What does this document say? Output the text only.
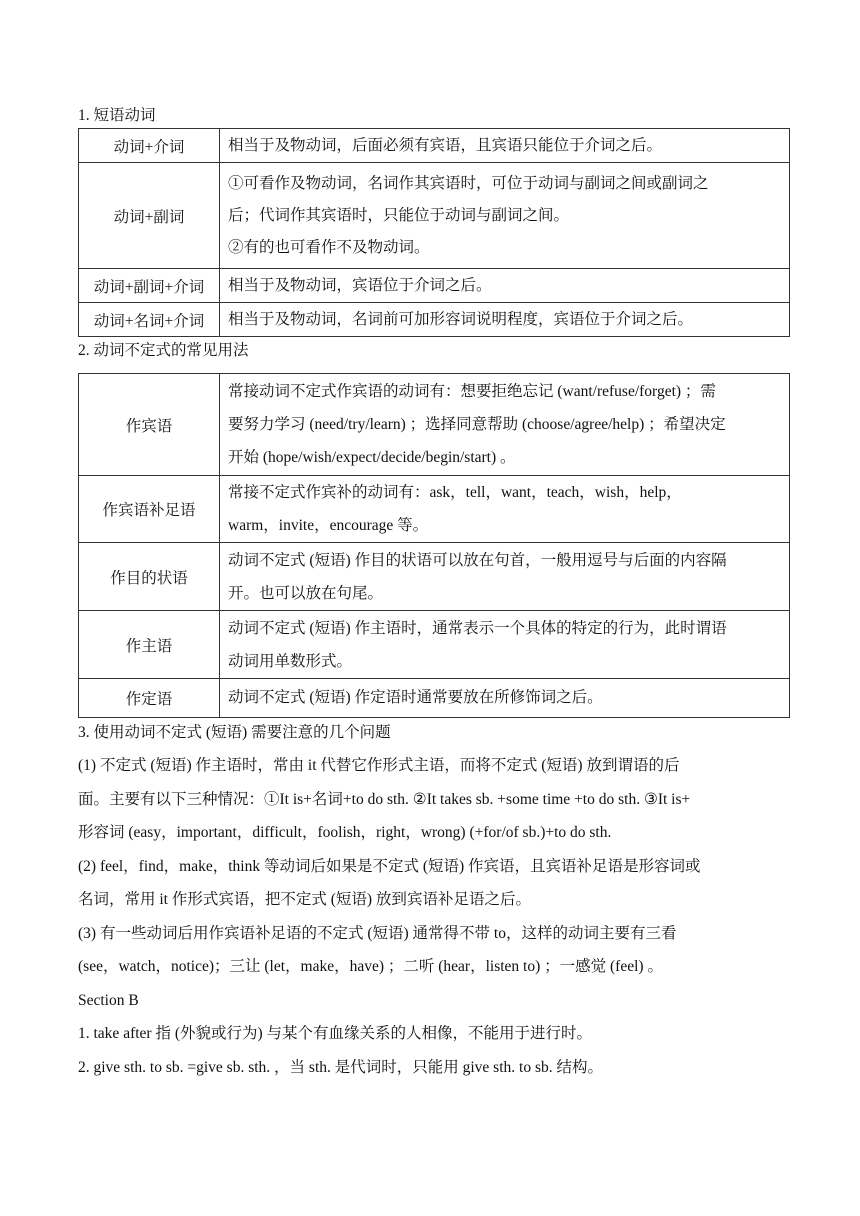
1. 短语动词

动词+介词	相当于及物动词，后面必须有宾语，且宾语只能位于介词之后。

动词+副词	①可看作及物动词，名词作其宾语时，可位于动词与副词之间或副词之
后；代词作其宾语时，只能位于动词与副词之间。
②有的也可看作不及物动词。

动词+副词+介词	相当于及物动词，宾语位于介词之后。

动词+名词+介词	相当于及物动词，名词前可加形容词说明程度，宾语位于介词之后。

2. 动词不定式的常见用法

作宾语	常接动词不定式作宾语的动词有：想要拒绝忘记 (want/refuse/forget) ；需
要努力学习 (need/try/learn) ；选择同意帮助 (choose/agree/help) ；希望决定
开始 (hope/wish/expect/decide/begin/start) 。

作宾语补足语	常接不定式作宾补的动词有：ask，tell，want，teach，wish，help，
warm，invite，encourage 等。

作目的状语	动词不定式 (短语) 作目的状语可以放在句首，一般用逗号与后面的内容隔
开。也可以放在句尾。

作主语	动词不定式 (短语) 作主语时，通常表示一个具体的特定的行为，此时谓语
动词用单数形式。

作定语	动词不定式 (短语) 作定语时通常要放在所修饰词之后。

3. 使用动词不定式 (短语) 需要注意的几个问题

(1) 不定式 (短语) 作主语时，常由 it 代替它作形式主语，而将不定式 (短语) 放到谓语的后
面。主要有以下三种情况：①It is+名词+to do sth. ②It takes sb. +some time +to do sth. ③It is+
形容词 (easy，important，difficult，foolish，right，wrong) (+for/of sb.)+to do sth.

(2) feel，find，make，think 等动词后如果是不定式 (短语) 作宾语，且宾语补足语是形容词或
名词，常用 it 作形式宾语，把不定式 (短语) 放到宾语补足语之后。

(3) 有一些动词后用作宾语补足语的不定式 (短语) 通常得不带 to，这样的动词主要有三看
(see，watch，notice)；三让 (let，make，have) ；二听 (hear，listen to) ；一感觉 (feel) 。

Section B

1. take after 指 (外貌或行为) 与某个有血缘关系的人相像，不能用于进行时。

2. give sth. to sb. =give sb. sth. ，当 sth. 是代词时，只能用 give sth. to sb. 结构。
